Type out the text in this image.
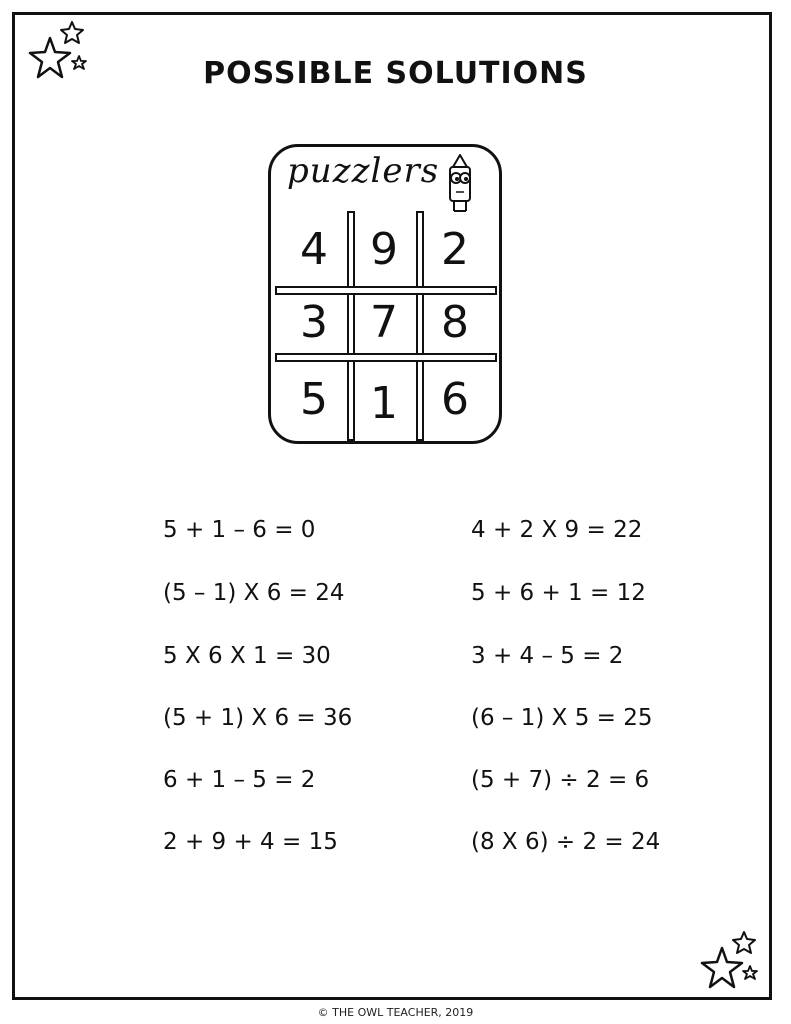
POSSIBLE SOLUTIONS
puzzlers
4 9 2
3 7 8
5 1 6
5 + 1 – 6 = 0
(5 – 1) X 6 = 24
5 X 6 X 1 = 30
(5 + 1) X 6 = 36
6 + 1 – 5 = 2
2 + 9 + 4 = 15
4 + 2 X 9 = 22
5 + 6 + 1 = 12
3 + 4 – 5 = 2
(6 – 1) X 5 = 25
(5 + 7) ÷ 2 = 6
(8 X 6) ÷ 2 = 24
© THE OWL TEACHER, 2019
